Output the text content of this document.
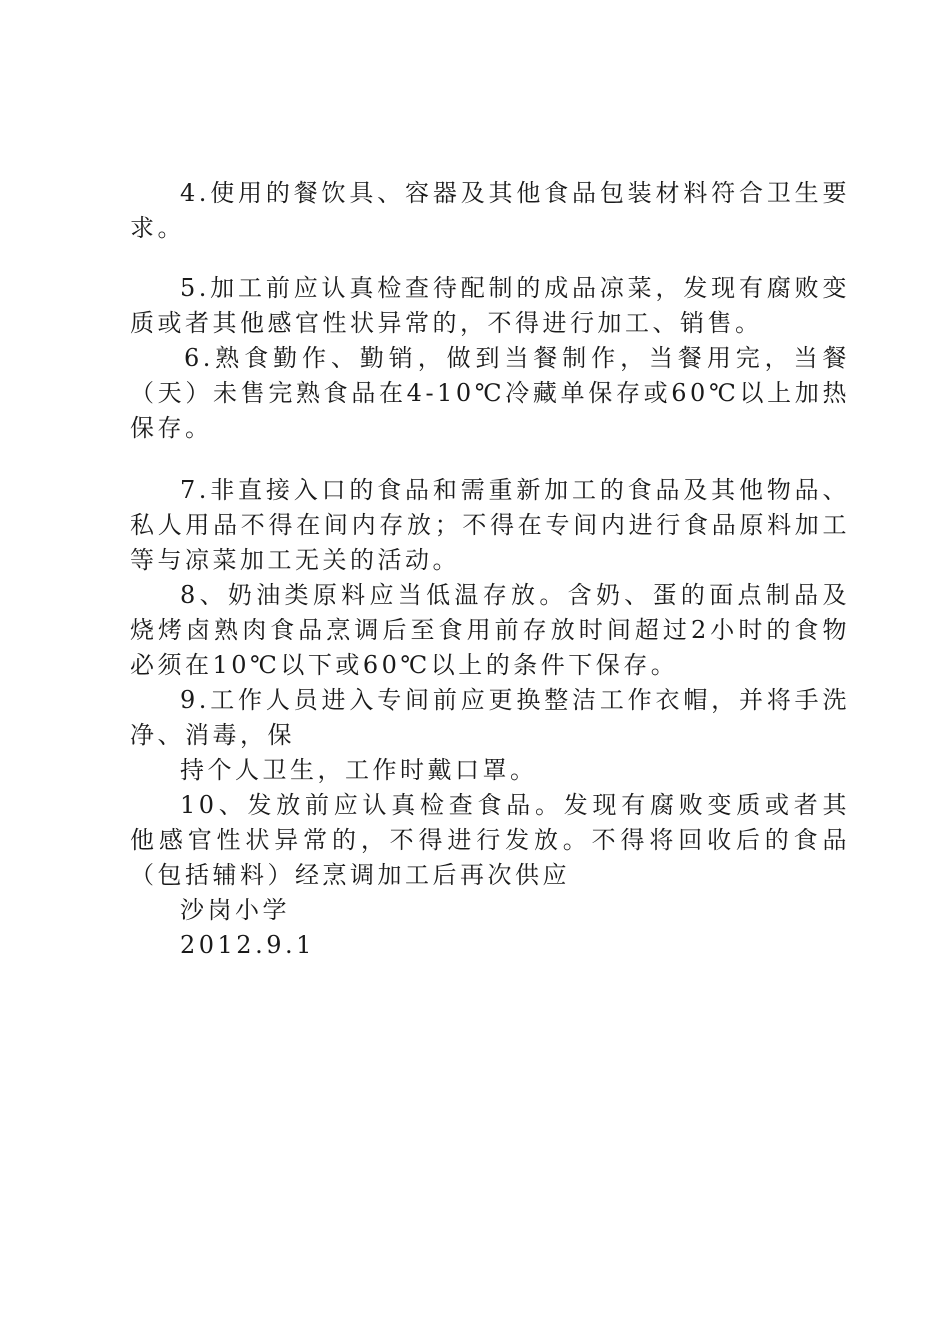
4.使用的餐饮具、容器及其他食品包装材料符合卫生要求。

5.加工前应认真检查待配制的成品凉菜，发现有腐败变质或者其他感官性状异常的，不得进行加工、销售。

6.熟食勤作、勤销，做到当餐制作，当餐用完，当餐（天）未售完熟食品在4-10℃冷藏单保存或60℃以上加热保存。

7.非直接入口的食品和需重新加工的食品及其他物品、私人用品不得在间内存放；不得在专间内进行食品原料加工等与凉菜加工无关的活动。

8、奶油类原料应当低温存放。含奶、蛋的面点制品及烧烤卤熟肉食品烹调后至食用前存放时间超过2小时的食物必须在10℃以下或60℃以上的条件下保存。

9.工作人员进入专间前应更换整洁工作衣帽，并将手洗净、消毒，保

持个人卫生，工作时戴口罩。

10、发放前应认真检查食品。发现有腐败变质或者其他感官性状异常的，不得进行发放。不得将回收后的食品（包括辅料）经烹调加工后再次供应

沙岗小学

2012.9.1
